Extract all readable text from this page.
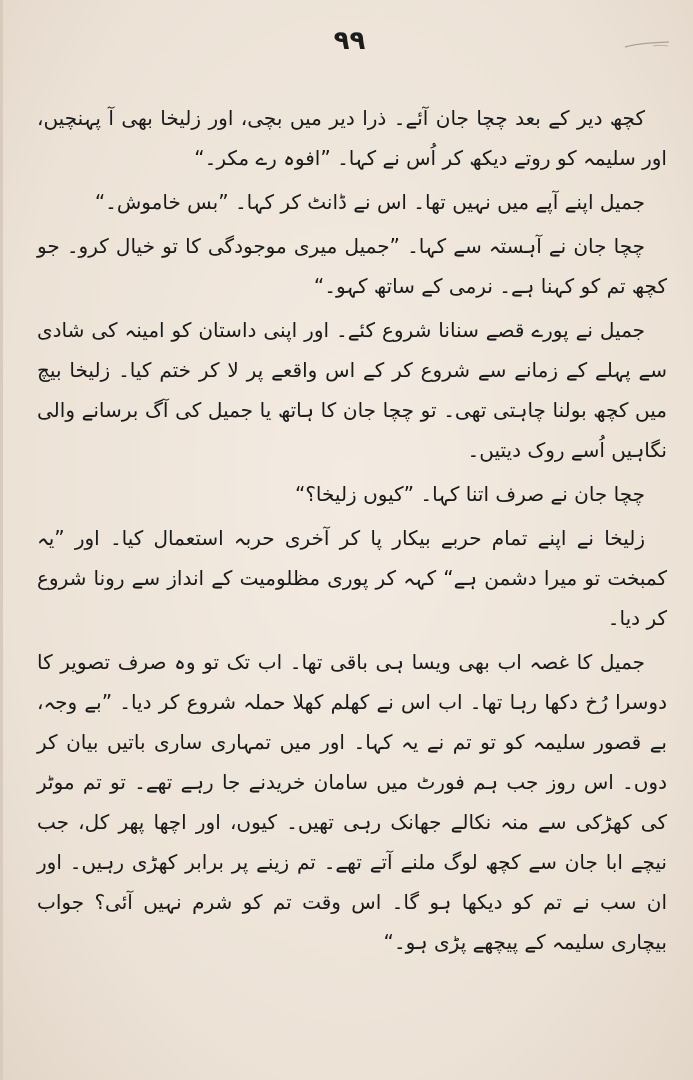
۹۹

کچھ دیر کے بعد چچا جان آئے۔ ذرا دیر میں بچی، اور زلیخا بھی آ پہنچیں، اور سلیمہ کو روتے دیکھ کر اُس نے کہا۔ ”افوہ رے مکر۔“

جمیل اپنے آپے میں نہیں تھا۔ اس نے ڈانٹ کر کہا۔ ”بس خاموش۔“

چچا جان نے آہستہ سے کہا۔ ”جمیل میری موجودگی کا تو خیال کرو۔ جو کچھ تم کو کہنا ہے۔ نرمی کے ساتھ کہو۔“

جمیل نے پورے قصے سنانا شروع کئے۔ اور اپنی داستان کو امینہ کی شادی سے پہلے کے زمانے سے شروع کر کے اس واقعے پر لا کر ختم کیا۔ زلیخا بیچ میں کچھ بولنا چاہتی تھی۔ تو چچا جان کا ہاتھ یا جمیل کی آگ برسانے والی نگاہیں اُسے روک دیتیں۔

چچا جان نے صرف اتنا کہا۔ ”کیوں زلیخا؟“

زلیخا نے اپنے تمام حربے بیکار پا کر آخری حربہ استعمال کیا۔ اور ”یہ کمبخت تو میرا دشمن ہے“ کہہ کر پوری مظلومیت کے انداز سے رونا شروع کر دیا۔

جمیل کا غصہ اب بھی ویسا ہی باقی تھا۔ اب تک تو وہ صرف تصویر کا دوسرا رُخ دکھا رہا تھا۔ اب اس نے کھلم کھلا حملہ شروع کر دیا۔ ”بے وجہ، بے قصور سلیمہ کو تو تم نے یہ کہا۔ اور میں تمہاری ساری باتیں بیان کر دوں۔ اس روز جب ہم فورٹ میں سامان خریدنے جا رہے تھے۔ تو تم موٹر کی کھڑکی سے منہ نکالے جھانک رہی تھیں۔ کیوں، اور اچھا پھر کل، جب نیچے ابا جان سے کچھ لوگ ملنے آتے تھے۔ تم زینے پر برابر کھڑی رہیں۔ اور ان سب نے تم کو دیکھا ہو گا۔ اس وقت تم کو شرم نہیں آئی؟ جواب بیچاری سلیمہ کے پیچھے پڑی ہو۔“
